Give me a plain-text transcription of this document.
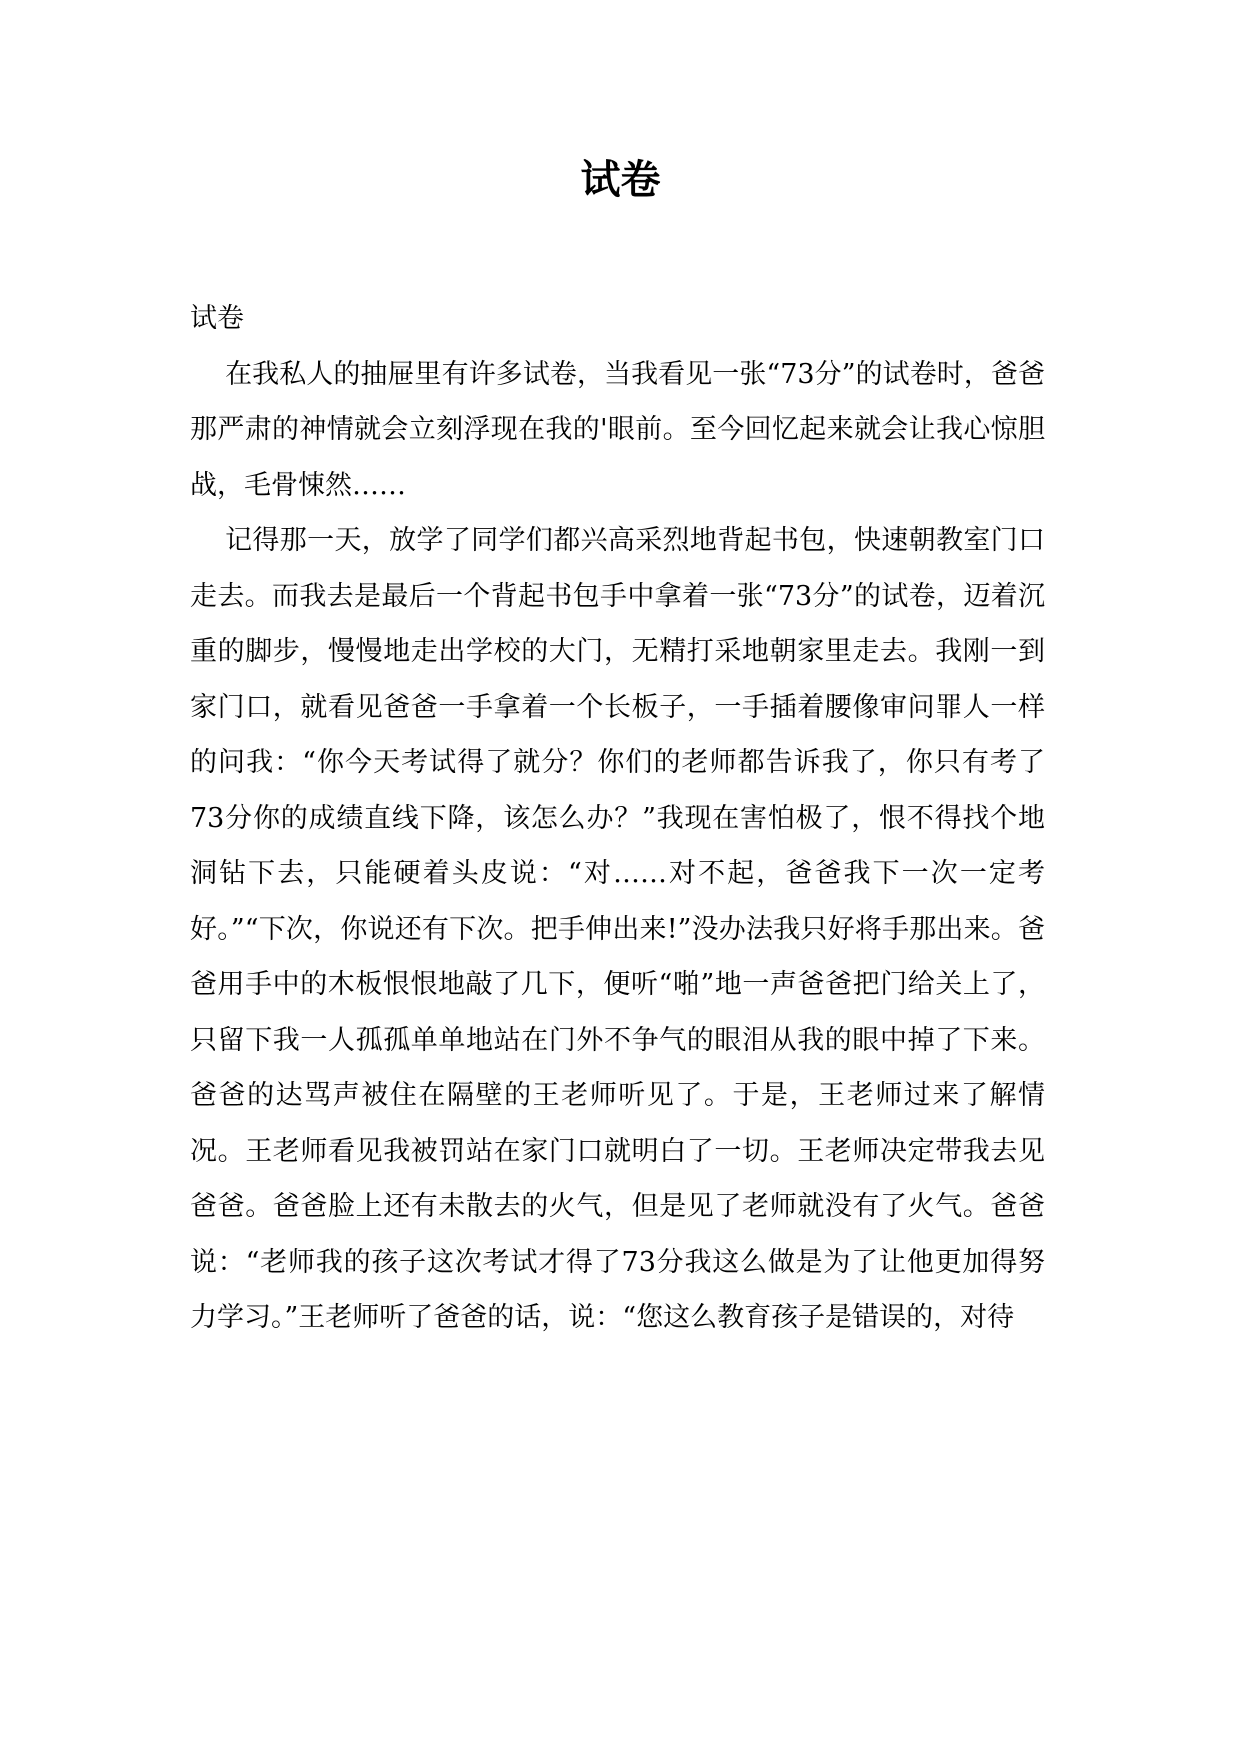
试卷

试卷

在我私人的抽屉里有许多试卷，当我看见一张“73分”的试卷时，爸爸那严肃的神情就会立刻浮现在我的'眼前。至今回忆起来就会让我心惊胆战，毛骨悚然……

记得那一天，放学了同学们都兴高采烈地背起书包，快速朝教室门口走去。而我去是最后一个背起书包手中拿着一张“73分”的试卷，迈着沉重的脚步，慢慢地走出学校的大门，无精打采地朝家里走去。我刚一到家门口，就看见爸爸一手拿着一个长板子，一手插着腰像审问罪人一样的问我：“你今天考试得了就分？你们的老师都告诉我了，你只有考了73分你的成绩直线下降，该怎么办？”我现在害怕极了，恨不得找个地洞钻下去，只能硬着头皮说：“对……对不起，爸爸我下一次一定考好。”“下次，你说还有下次。把手伸出来!”没办法我只好将手那出来。爸爸用手中的木板恨恨地敲了几下，便听“啪”地一声爸爸把门给关上了，只留下我一人孤孤单单地站在门外不争气的眼泪从我的眼中掉了下来。爸爸的达骂声被住在隔壁的王老师听见了。于是，王老师过来了解情况。王老师看见我被罚站在家门口就明白了一切。王老师决定带我去见爸爸。爸爸脸上还有未散去的火气，但是见了老师就没有了火气。爸爸说：“老师我的孩子这次考试才得了73分我这么做是为了让他更加得努力学习。”王老师听了爸爸的话，说：“您这么教育孩子是错误的，对待
